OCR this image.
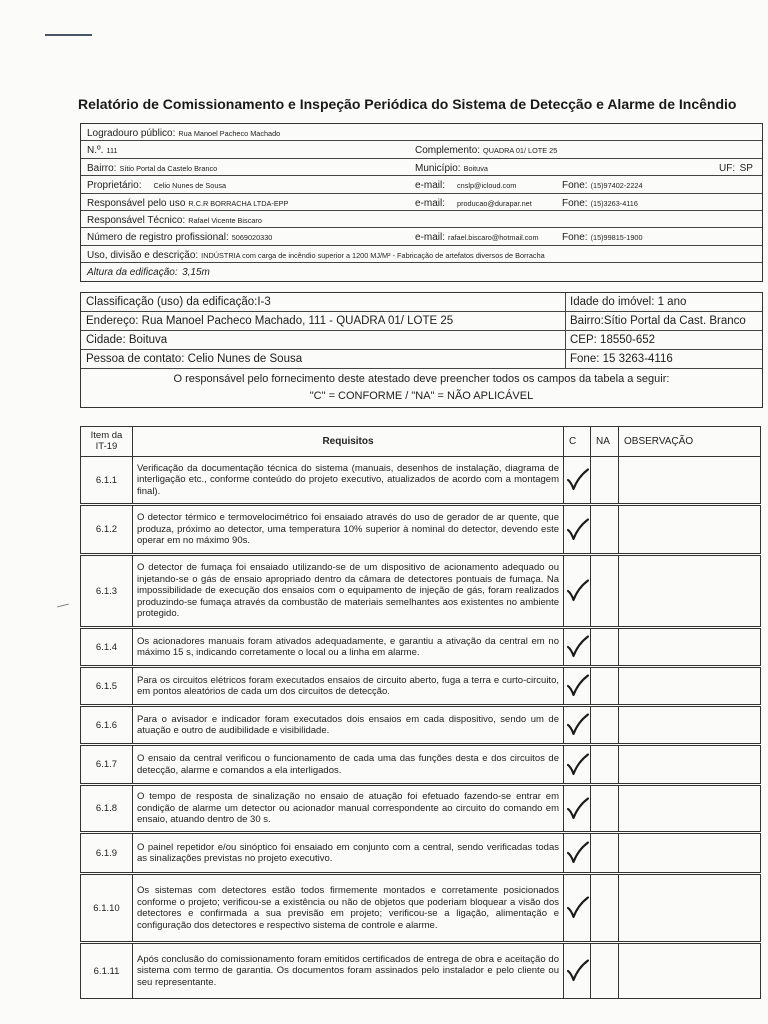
Relatório de Comissionamento e Inspeção Periódica do Sistema de Detecção e Alarme de Incêndio
Logradouro público: Rua Manoel Pacheco Machado
N.º. 111	Complemento: QUADRA 01/ LOTE 25
Bairro: Sítio Portal da Castelo Branco	Município: Boituva	UF: SP
Proprietário: Celio Nunes de Sousa	e-mail: cnslp@icloud.com	Fone: (15)97402-2224
Responsável pelo uso R.C.R BORRACHA LTDA-EPP	e-mail: producao@durapar.net	Fone: (15)3263-4116
Responsável Técnico: Rafael Vicente Biscaro
Número de registro profissional: 5069020330	e-mail: rafael.biscaro@hotmail.com Fone: (15)99815-1900
Uso, divisão e descrição: INDÚSTRIA com carga de incêndio superior a 1200 MJ/M² - Fabricação de artefatos diversos de Borracha
Altura da edificação: 3,15m
Classificação (uso) da edificação:I-3	Idade do imóvel: 1 ano
Endereço: Rua Manoel Pacheco Machado, 111 - QUADRA 01/ LOTE 25	Bairro:Sítio Portal da Cast. Branco
Cidade: Boituva	CEP: 18550-652
Pessoa de contato: Celio Nunes de Sousa	Fone: 15 3263-4116
O responsável pelo fornecimento deste atestado deve preencher todos os campos da tabela a seguir:
"C" = CONFORME / "NA" = NÃO APLICÁVEL
Item da
IT-19	Requisitos	C	NA	OBSERVAÇÃO
6.1.1	Verificação da documentação técnica do sistema (manuais, desenhos de instalação, diagrama de interligação etc., conforme conteúdo do projeto executivo, atualizados de acordo com a montagem final).	

6.1.2	O detector térmico e termovelocimétrico foi ensaiado através do uso de gerador de ar quente, que produza, próximo ao detector, uma temperatura 10% superior à nominal do detector, devendo este operar em no máximo 90s.	

6.1.3	O detector de fumaça foi ensaiado utilizando-se de um dispositivo de acionamento adequado ou injetando-se o gás de ensaio apropriado dentro da câmara de detectores pontuais de fumaça. Na impossibilidade de execução dos ensaios com o equipamento de injeção de gás, foram realizados produzindo-se fumaça através da combustão de materiais semelhantes aos existentes no ambiente protegido.	

6.1.4	Os acionadores manuais foram ativados adequadamente, e garantiu a ativação da central em no máximo 15 s, indicando corretamente o local ou a linha em alarme.	

6.1.5	Para os circuitos elétricos foram executados ensaios de circuito aberto, fuga a terra e curto-circuito, em pontos aleatórios de cada um dos circuitos de detecção.	

6.1.6	Para o avisador e indicador foram executados dois ensaios em cada dispositivo, sendo um de atuação e outro de audibilidade e visibilidade.	

6.1.7	O ensaio da central verificou o funcionamento de cada uma das funções desta e dos circuitos de detecção, alarme e comandos a ela interligados.	

6.1.8	O tempo de resposta de sinalização no ensaio de atuação foi efetuado fazendo-se entrar em condição de alarme um detector ou acionador manual correspondente ao circuito do comando em ensaio, atuando dentro de 30 s.	

6.1.9	O painel repetidor e/ou sinóptico foi ensaiado em conjunto com a central, sendo verificadas todas as sinalizações previstas no projeto executivo.	

6.1.10	Os sistemas com detectores estão todos firmemente montados e corretamente posicionados conforme o projeto; verificou-se a existência ou não de objetos que poderiam bloquear a visão dos detectores e confirmada a sua previsão em projeto; verificou-se a ligação, alimentação e configuração dos detectores e respectivo sistema de controle e alarme.	

6.1.11	Após conclusão do comissionamento foram emitidos certificados de entrega de obra e aceitação do sistema com termo de garantia. Os documentos foram assinados pelo instalador e pelo cliente ou seu representante.	
